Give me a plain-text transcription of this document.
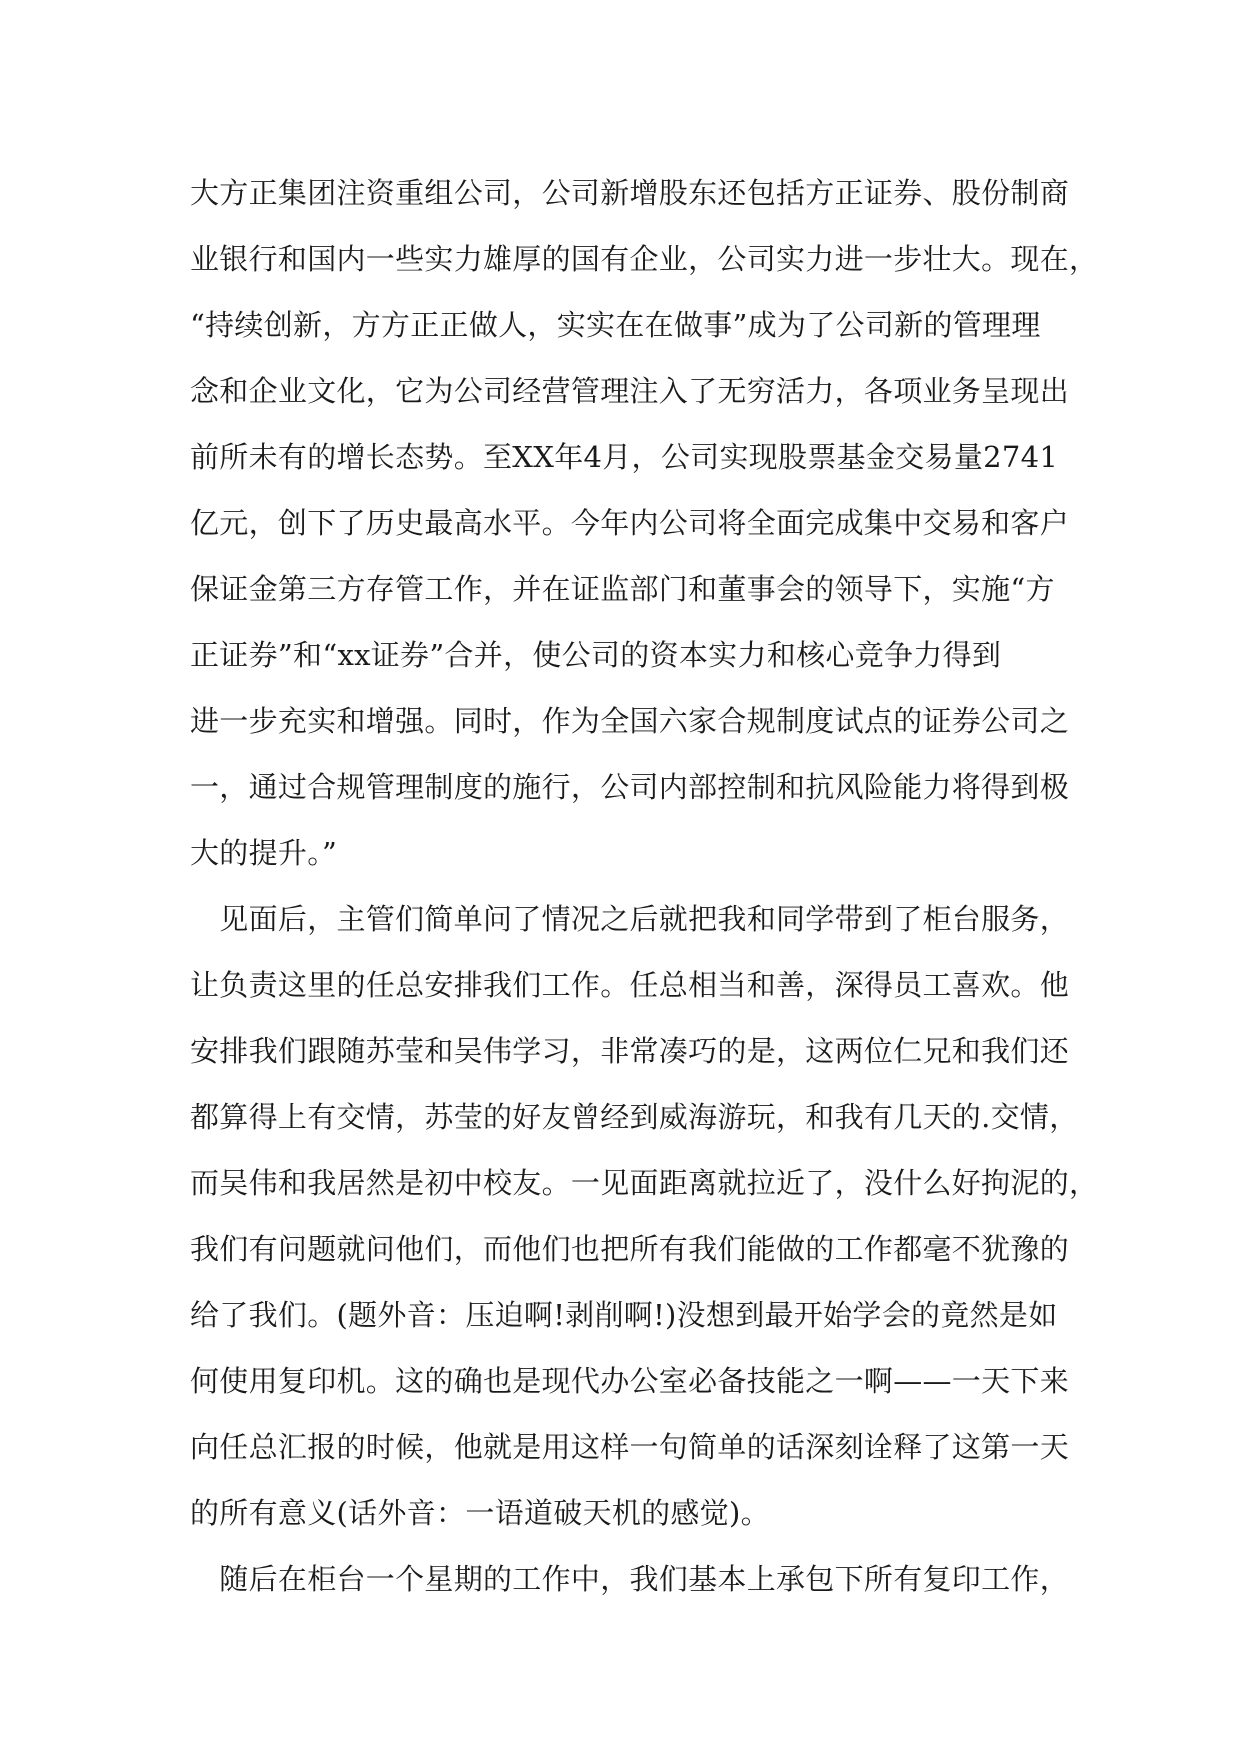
大方正集团注资重组公司，公司新增股东还包括方正证券、股份制商
业银行和国内一些实力雄厚的国有企业，公司实力进一步壮大。现在，
“持续创新，方方正正做人，实实在在做事”成为了公司新的管理理
念和企业文化，它为公司经营管理注入了无穷活力，各项业务呈现出
前所未有的增长态势。至XX年4月，公司实现股票基金交易量2741
亿元，创下了历史最高水平。今年内公司将全面完成集中交易和客户
保证金第三方存管工作，并在证监部门和董事会的领导下，实施“方
正证券”和“xx证券”合并，使公司的资本实力和核心竞争力得到
进一步充实和增强。同时，作为全国六家合规制度试点的证券公司之
一，通过合规管理制度的施行，公司内部控制和抗风险能力将得到极
大的提升。”
　见面后，主管们简单问了情况之后就把我和同学带到了柜台服务，
让负责这里的任总安排我们工作。任总相当和善，深得员工喜欢。他
安排我们跟随苏莹和吴伟学习，非常凑巧的是，这两位仁兄和我们还
都算得上有交情，苏莹的好友曾经到威海游玩，和我有几天的.交情，
而吴伟和我居然是初中校友。一见面距离就拉近了，没什么好拘泥的，
我们有问题就问他们，而他们也把所有我们能做的工作都毫不犹豫的
给了我们。(题外音：压迫啊!剥削啊!)没想到最开始学会的竟然是如
何使用复印机。这的确也是现代办公室必备技能之一啊——一天下来
向任总汇报的时候，他就是用这样一句简单的话深刻诠释了这第一天
的所有意义(话外音：一语道破天机的感觉)。
　随后在柜台一个星期的工作中，我们基本上承包下所有复印工作，
